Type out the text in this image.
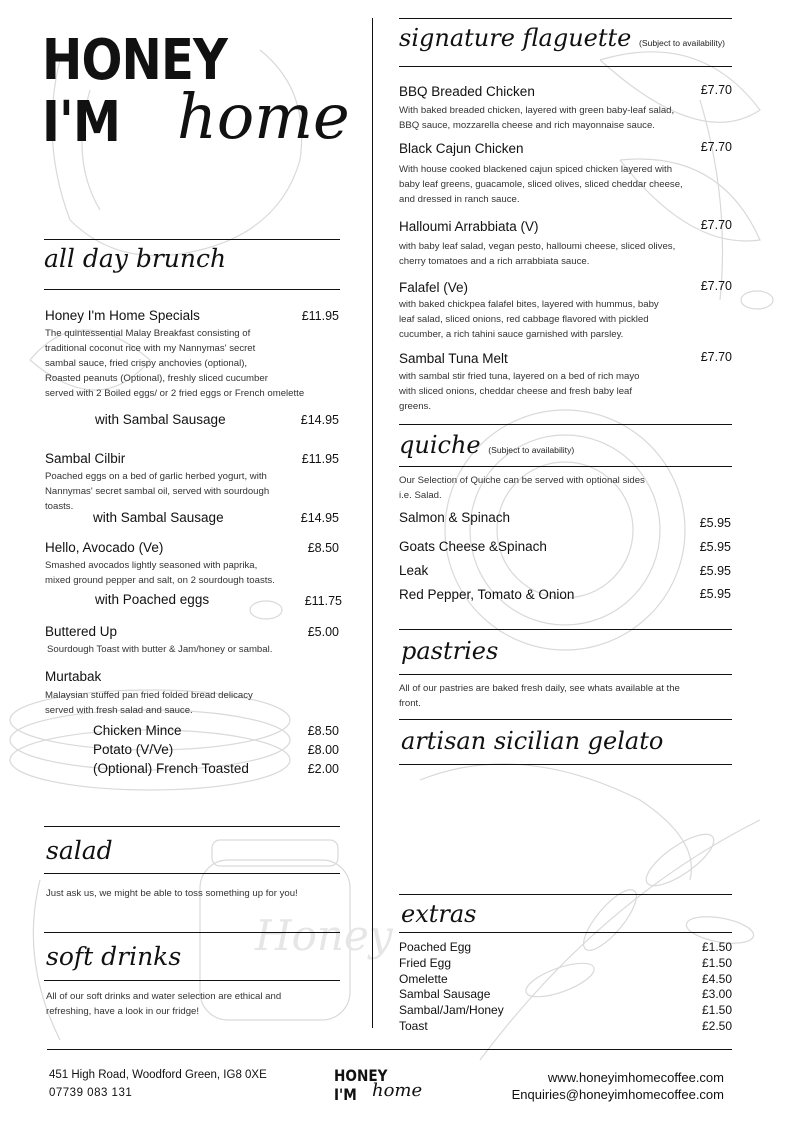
Honey
HONEY I'M home
all day brunch
Honey I'm Home Specials	£11.95
The quintessential Malay Breakfast consisting of
traditional coconut rice with my Nannymas' secret
sambal sauce, fried crispy anchovies (optional),
Roasted peanuts (Optional), freshly sliced cucumber
served with 2 Boiled eggs/ or 2 fried eggs or French omelette
with Sambal Sausage	£14.95
Sambal Cilbir	£11.95
Poached eggs on a bed of garlic herbed yogurt, with
Nannymas' secret sambal oil, served with sourdough
toasts.
with Sambal Sausage	£14.95
Hello, Avocado (Ve)	£8.50
Smashed avocados lightly seasoned with paprika,
mixed ground pepper and salt, on 2 sourdough toasts.
with Poached eggs	£11.75
Buttered Up	£5.00
Sourdough Toast with butter & Jam/honey or sambal.
Murtabak
Malaysian stuffed pan fried folded bread delicacy
served with fresh salad and sauce.
Chicken Mince	£8.50
Potato (V/Ve)	£8.00
(Optional) French Toasted	£2.00
salad
Just ask us, we might be able to toss something up for you!
soft drinks
All of our soft drinks and water selection are ethical and
refreshing, have a look in our fridge!
signature flaguette (Subject to availability)
BBQ Breaded Chicken	£7.70
With baked breaded chicken, layered with green baby-leaf salad,
BBQ sauce, mozzarella cheese and rich mayonnaise sauce.
Black Cajun Chicken	£7.70
With house cooked blackened cajun spiced chicken layered with
baby leaf greens, guacamole, sliced olives, sliced cheddar cheese,
and dressed in ranch sauce.
Halloumi Arrabbiata (V)	£7.70
with baby leaf salad, vegan pesto, halloumi cheese, sliced olives,
cherry tomatoes and a rich arrabbiata sauce.
Falafel (Ve)	£7.70
with baked chickpea falafel bites, layered with hummus, baby
leaf salad, sliced onions, red cabbage flavored with pickled
cucumber, a rich tahini sauce garnished with parsley.
Sambal Tuna Melt	£7.70
with sambal stir fried tuna, layered on a bed of rich mayo
with sliced onions, cheddar cheese and fresh baby leaf
greens.
quiche (Subject to availability)
Our Selection of Quiche can be served with optional sides
i.e. Salad.
Salmon & Spinach	£5.95
Goats Cheese &Spinach	£5.95
Leak	£5.95
Red Pepper, Tomato & Onion	£5.95
pastries
All of our pastries are baked fresh daily, see whats available at the
front.
artisan sicilian gelato
extras
Poached Egg	£1.50
Fried Egg	£1.50
Omelette	£4.50
Sambal Sausage	£3.00
Sambal/Jam/Honey	£1.50
Toast	£2.50
451 High Road, Woodford Green, IG8 0XE
07739 083 131
HONEY I'M home
www.honeyimhomecoffee.com
Enquiries@honeyimhomecoffee.com
